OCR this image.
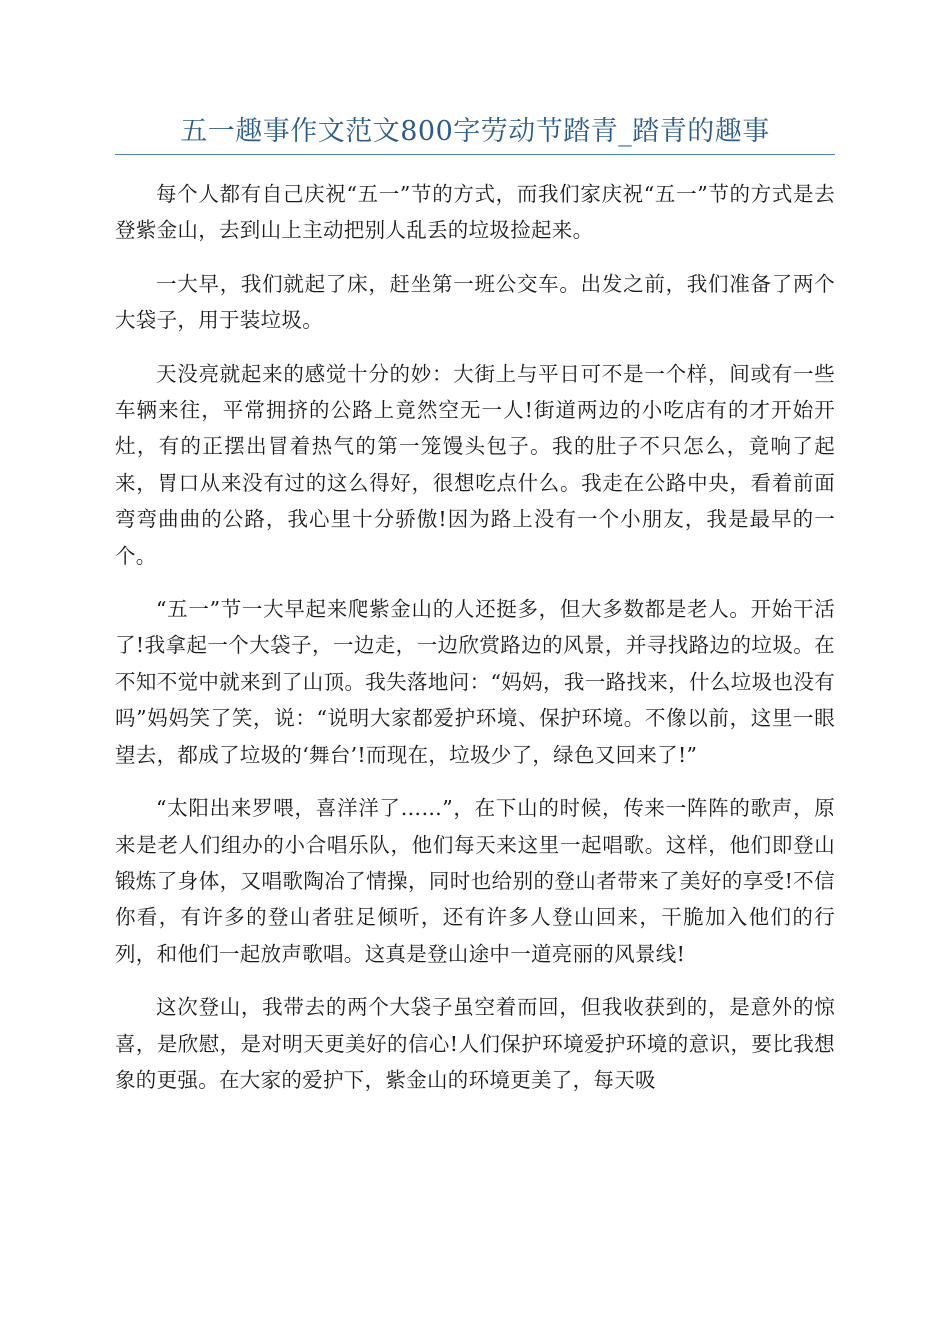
五一趣事作文范文800字劳动节踏青_踏青的趣事

每个人都有自己庆祝“五一”节的方式，而我们家庆祝“五一”节的方式是去登紫金山，去到山上主动把别人乱丢的垃圾捡起来。

一大早，我们就起了床，赶坐第一班公交车。出发之前，我们准备了两个大袋子，用于装垃圾。

天没亮就起来的感觉十分的妙：大街上与平日可不是一个样，间或有一些车辆来往，平常拥挤的公路上竟然空无一人!街道两边的小吃店有的才开始开灶，有的正摆出冒着热气的第一笼馒头包子。我的肚子不只怎么，竟响了起来，胃口从来没有过的这么得好，很想吃点什么。我走在公路中央，看着前面弯弯曲曲的公路，我心里十分骄傲!因为路上没有一个小朋友，我是最早的一个。

“五一”节一大早起来爬紫金山的人还挺多，但大多数都是老人。开始干活了!我拿起一个大袋子，一边走，一边欣赏路边的风景，并寻找路边的垃圾。在不知不觉中就来到了山顶。我失落地问：“妈妈，我一路找来，什么垃圾也没有吗”妈妈笑了笑，说：“说明大家都爱护环境、保护环境。不像以前，这里一眼望去，都成了垃圾的‘舞台’!而现在，垃圾少了，绿色又回来了!”

“太阳出来罗喂，喜洋洋了……”，在下山的时候，传来一阵阵的歌声，原来是老人们组办的小合唱乐队，他们每天来这里一起唱歌。这样，他们即登山锻炼了身体，又唱歌陶冶了情操，同时也给别的登山者带来了美好的享受!不信你看，有许多的登山者驻足倾听，还有许多人登山回来，干脆加入他们的行列，和他们一起放声歌唱。这真是登山途中一道亮丽的风景线!

这次登山，我带去的两个大袋子虽空着而回，但我收获到的，是意外的惊喜，是欣慰，是对明天更美好的信心!人们保护环境爱护环境的意识，要比我想象的更强。在大家的爱护下，紫金山的环境更美了，每天吸
